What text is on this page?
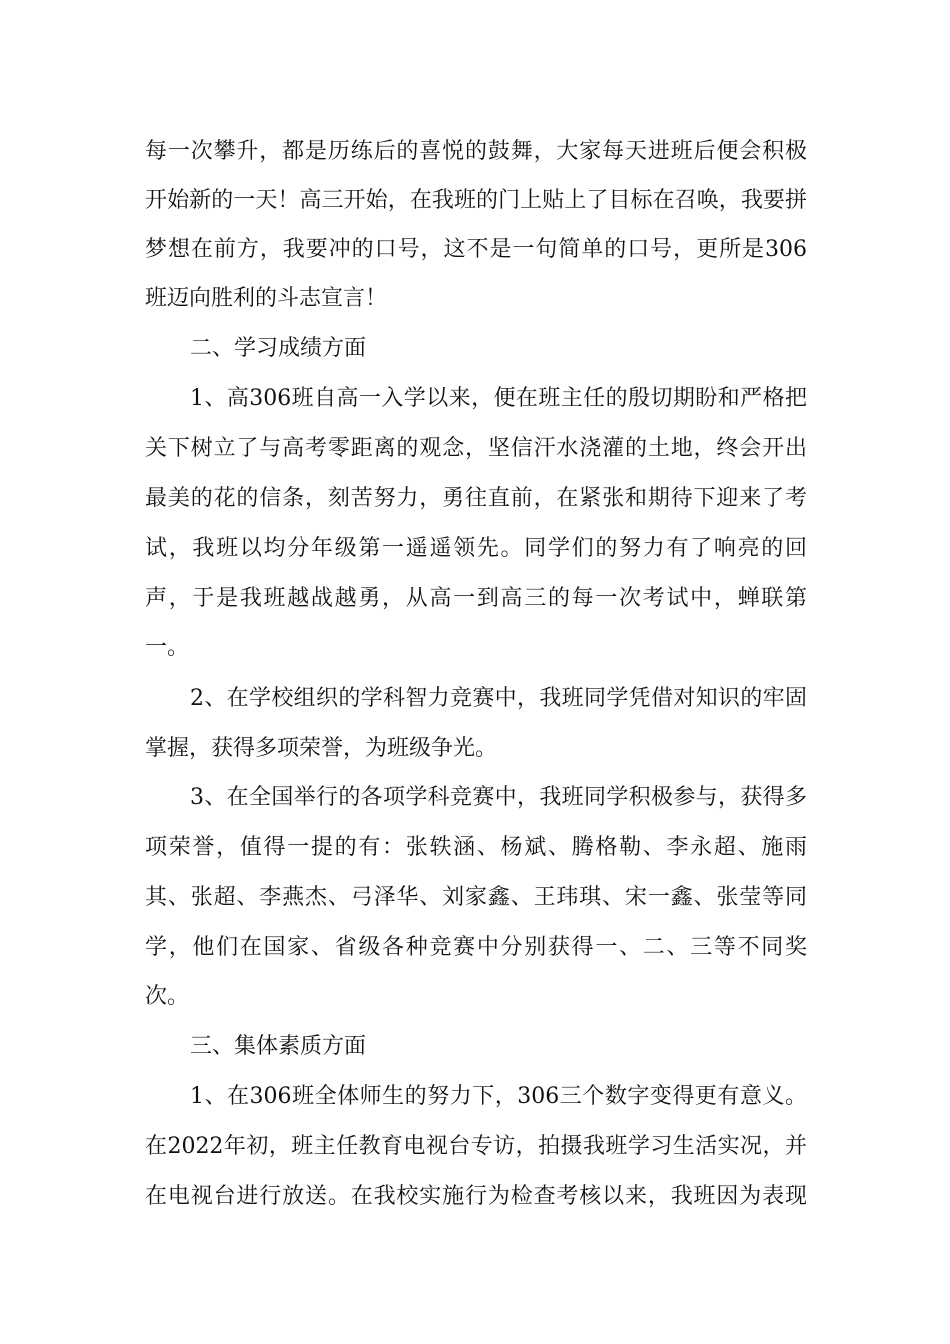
每一次攀升，都是历练后的喜悦的鼓舞，大家每天进班后便会积极
开始新的一天！高三开始，在我班的门上贴上了目标在召唤，我要拼
梦想在前方，我要冲的口号，这不是一句简单的口号，更所是306
班迈向胜利的斗志宣言！
二、学习成绩方面
1、高306班自高一入学以来，便在班主任的殷切期盼和严格把
关下树立了与高考零距离的观念，坚信汗水浇灌的土地，终会开出
最美的花的信条，刻苦努力，勇往直前，在紧张和期待下迎来了考
试，我班以均分年级第一遥遥领先。同学们的努力有了响亮的回
声，于是我班越战越勇，从高一到高三的每一次考试中，蝉联第
一。
2、在学校组织的学科智力竞赛中，我班同学凭借对知识的牢固
掌握，获得多项荣誉，为班级争光。
3、在全国举行的各项学科竞赛中，我班同学积极参与，获得多
项荣誉，值得一提的有：张轶涵、杨斌、腾格勒、李永超、施雨
其、张超、李燕杰、弓泽华、刘家鑫、王玮琪、宋一鑫、张莹等同
学，他们在国家、省级各种竞赛中分别获得一、二、三等不同奖
次。
三、集体素质方面
1、在306班全体师生的努力下，306三个数字变得更有意义。
在2022年初，班主任教育电视台专访，拍摄我班学习生活实况，并
在电视台进行放送。在我校实施行为检查考核以来，我班因为表现
